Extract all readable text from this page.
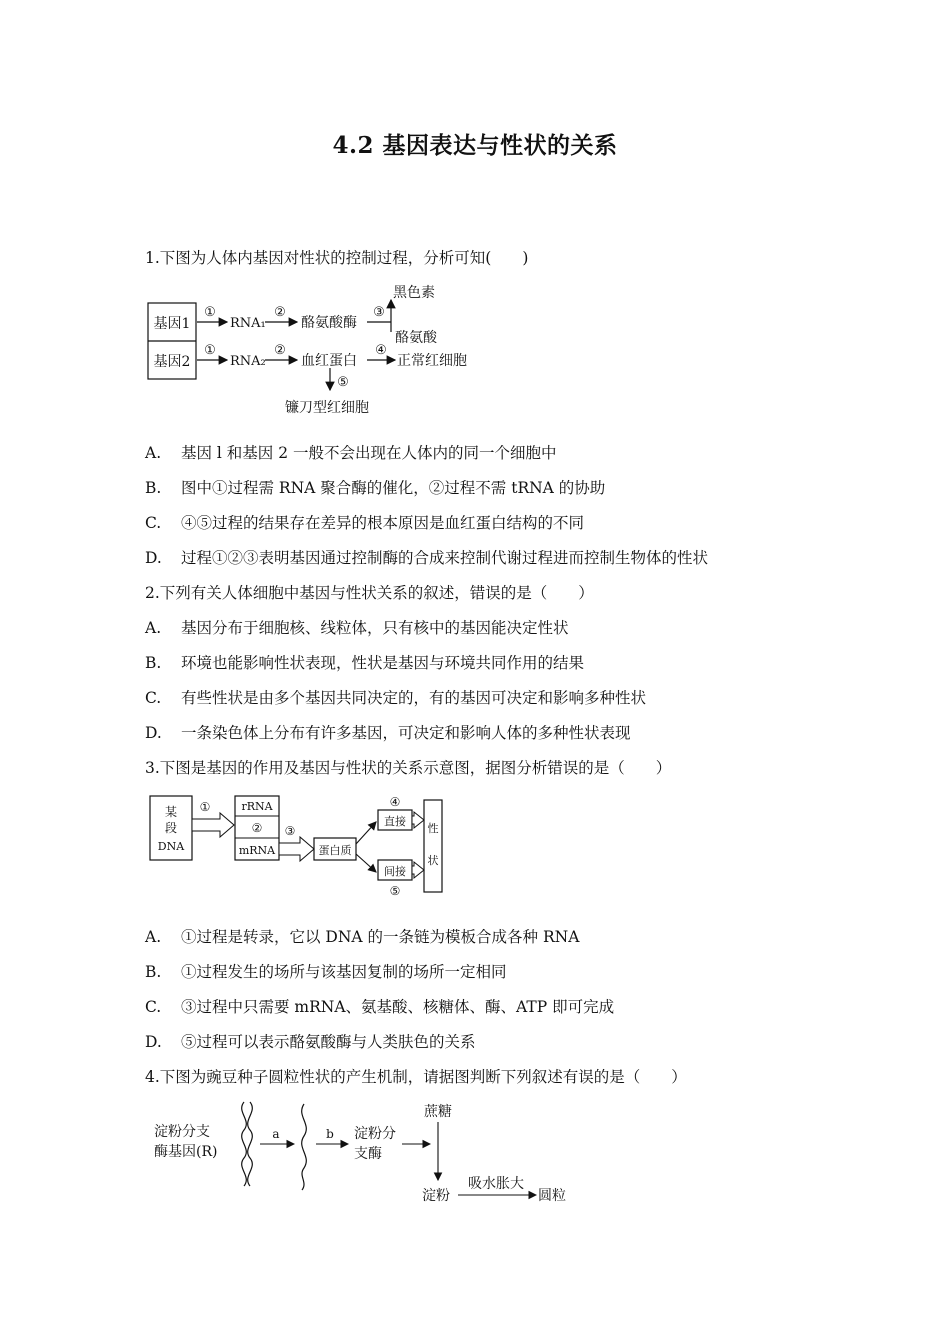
4.2 基因表达与性状的关系
1.下图为人体内基因对性状的控制过程，分析可知(　　)
基因1
基因2
①
RNA₁
②
酪氨酸酶
③
黑色素
酪氨酸
①
RNA₂
②
血红蛋白
④
正常红细胞
⑤
镰刀型红细胞
A. 基因 l 和基因 2 一般不会出现在人体内的同一个细胞中
B. 图中①过程需 RNA 聚合酶的催化，②过程不需 tRNA 的协助
C. ④⑤过程的结果存在差异的根本原因是血红蛋白结构的不同
D. 过程①②③表明基因通过控制酶的合成来控制代谢过程进而控制生物体的性状
2.下列有关人体细胞中基因与性状关系的叙述，错误的是（　　）
A. 基因分布于细胞核、线粒体，只有核中的基因能决定性状
B. 环境也能影响性状表现，性状是基因与环境共同作用的结果
C. 有些性状是由多个基因共同决定的，有的基因可决定和影响多种性状
D. 一条染色体上分布有许多基因，可决定和影响人体的多种性状表现
3.下图是基因的作用及基因与性状的关系示意图，据图分析错误的是（　　）
某
段
DNA
①	rRNA
②
mRNA
③
蛋白质
直接
④
间接
⑤
性
状
A. ①过程是转录，它以 DNA 的一条链为模板合成各种 RNA
B. ①过程发生的场所与该基因复制的场所一定相同
C. ③过程中只需要 mRNA、氨基酸、核糖体、酶、ATP 即可完成
D. ⑤过程可以表示酪氨酸酶与人类肤色的关系
4.下图为豌豆种子圆粒性状的产生机制，请据图判断下列叙述有误的是（　　）
淀粉分支
酶基因(R)
a	b 淀粉分
支酶
蔗糖
淀粉
吸水胀大
圆粒
